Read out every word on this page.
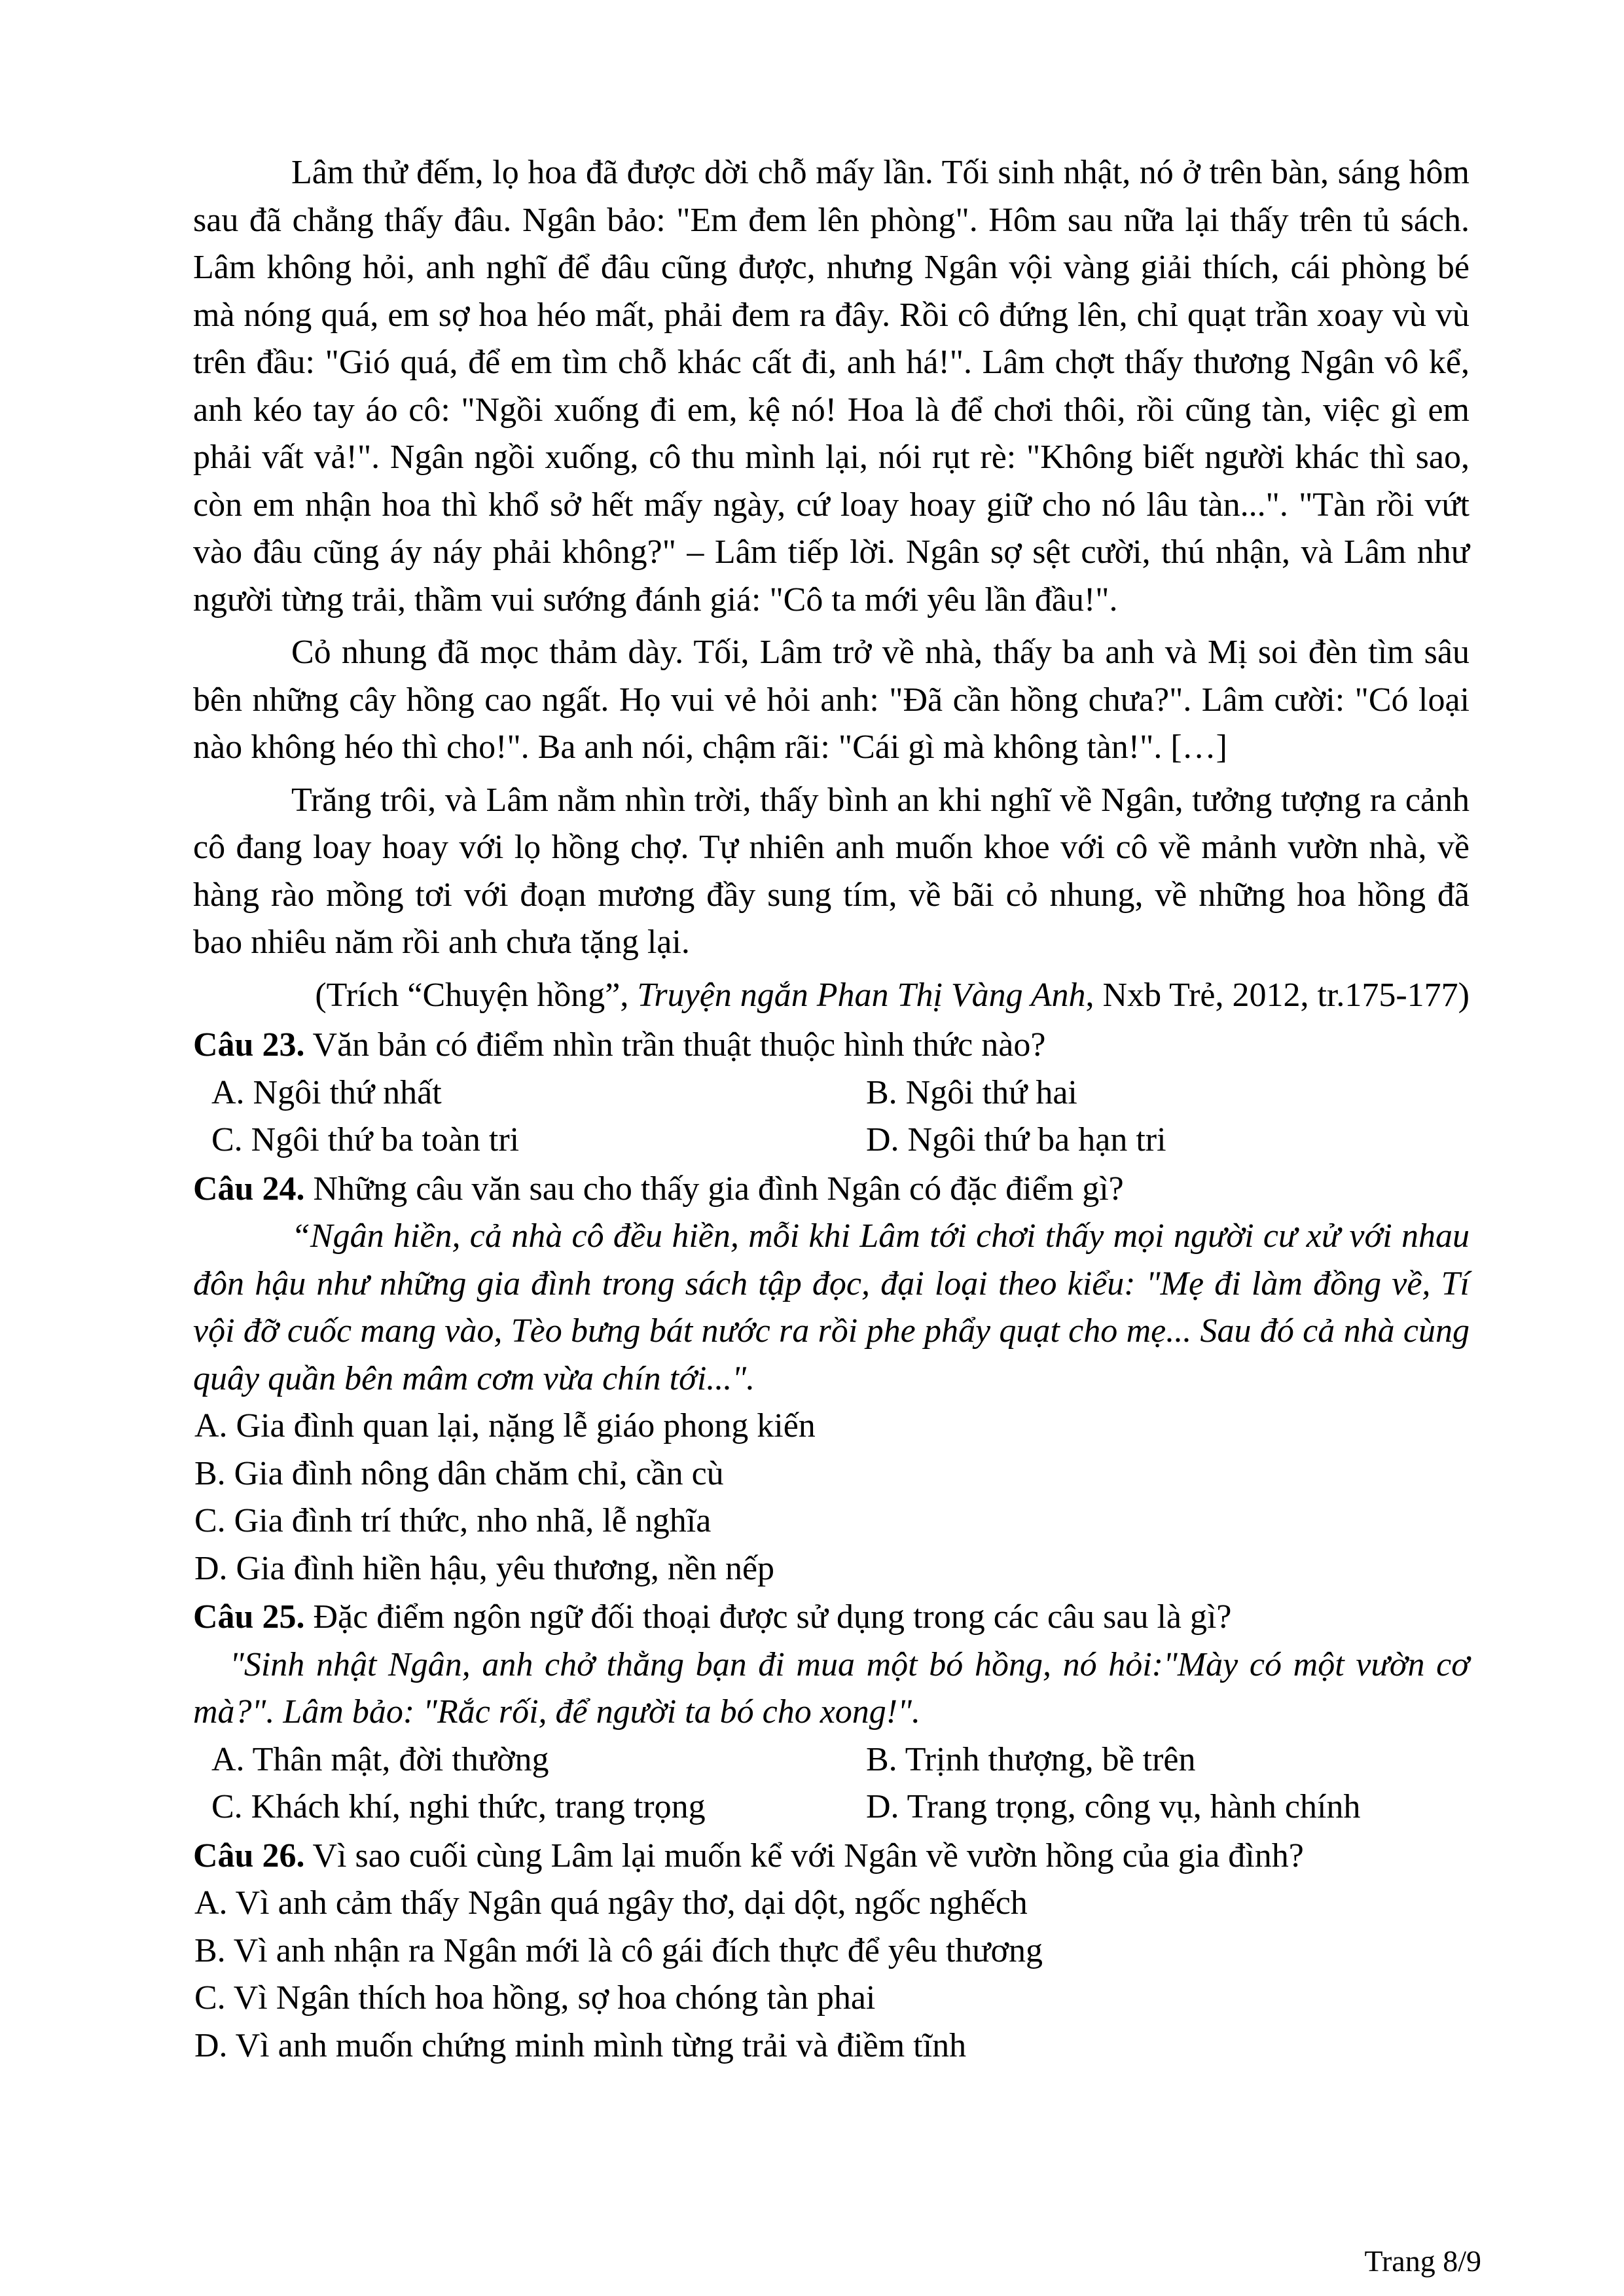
Lâm thử đếm, lọ hoa đã được dời chỗ mấy lần. Tối sinh nhật, nó ở trên bàn, sáng hôm sau đã chẳng thấy đâu. Ngân bảo: "Em đem lên phòng". Hôm sau nữa lại thấy trên tủ sách. Lâm không hỏi, anh nghĩ để đâu cũng được, nhưng Ngân vội vàng giải thích, cái phòng bé mà nóng quá, em sợ hoa héo mất, phải đem ra đây. Rồi cô đứng lên, chỉ quạt trần xoay vù vù trên đầu: "Gió quá, để em tìm chỗ khác cất đi, anh há!". Lâm chợt thấy thương Ngân vô kể, anh kéo tay áo cô: "Ngồi xuống đi em, kệ nó! Hoa là để chơi thôi, rồi cũng tàn, việc gì em phải vất vả!". Ngân ngồi xuống, cô thu mình lại, nói rụt rè: "Không biết người khác thì sao, còn em nhận hoa thì khổ sở hết mấy ngày, cứ loay hoay giữ cho nó lâu tàn...". "Tàn rồi vứt vào đâu cũng áy náy phải không?" – Lâm tiếp lời. Ngân sợ sệt cười, thú nhận, và Lâm như người từng trải, thầm vui sướng đánh giá: "Cô ta mới yêu lần đầu!".

Cỏ nhung đã mọc thảm dày. Tối, Lâm trở về nhà, thấy ba anh và Mị soi đèn tìm sâu bên những cây hồng cao ngất. Họ vui vẻ hỏi anh: "Đã cần hồng chưa?". Lâm cười: "Có loại nào không héo thì cho!". Ba anh nói, chậm rãi: "Cái gì mà không tàn!". […]

Trăng trôi, và Lâm nằm nhìn trời, thấy bình an khi nghĩ về Ngân, tưởng tượng ra cảnh cô đang loay hoay với lọ hồng chợ. Tự nhiên anh muốn khoe với cô về mảnh vườn nhà, về hàng rào mồng tơi với đoạn mương đầy sung tím, về bãi cỏ nhung, về những hoa hồng đã bao nhiêu năm rồi anh chưa tặng lại.

(Trích “Chuyện hồng”, Truyện ngắn Phan Thị Vàng Anh, Nxb Trẻ, 2012, tr.175-177)

Câu 23. Văn bản có điểm nhìn trần thuật thuộc hình thức nào?

A. Ngôi thứ nhất	B. Ngôi thứ hai

C. Ngôi thứ ba toàn tri	D. Ngôi thứ ba hạn tri

Câu 24. Những câu văn sau cho thấy gia đình Ngân có đặc điểm gì?

“Ngân hiền, cả nhà cô đều hiền, mỗi khi Lâm tới chơi thấy mọi người cư xử với nhau đôn hậu như những gia đình trong sách tập đọc, đại loại theo kiểu: "Mẹ đi làm đồng về, Tí vội đỡ cuốc mang vào, Tèo bưng bát nước ra rồi phe phẩy quạt cho mẹ... Sau đó cả nhà cùng quây quần bên mâm cơm vừa chín tới...".

A. Gia đình quan lại, nặng lễ giáo phong kiến

B. Gia đình nông dân chăm chỉ, cần cù

C. Gia đình trí thức, nho nhã, lễ nghĩa

D. Gia đình hiền hậu, yêu thương, nền nếp

Câu 25. Đặc điểm ngôn ngữ đối thoại được sử dụng trong các câu sau là gì?

"Sinh nhật Ngân, anh chở thằng bạn đi mua một bó hồng, nó hỏi:"Mày có một vườn cơ mà?". Lâm bảo: "Rắc rối, để người ta bó cho xong!".

A. Thân mật, đời thường	B. Trịnh thượng, bề trên

C. Khách khí, nghi thức, trang trọng	D. Trang trọng, công vụ, hành chính

Câu 26. Vì sao cuối cùng Lâm lại muốn kể với Ngân về vườn hồng của gia đình?

A. Vì anh cảm thấy Ngân quá ngây thơ, dại dột, ngốc nghếch

B. Vì anh nhận ra Ngân mới là cô gái đích thực để yêu thương

C. Vì Ngân thích hoa hồng, sợ hoa chóng tàn phai

D. Vì anh muốn chứng minh mình từng trải và điềm tĩnh

Trang 8/9
